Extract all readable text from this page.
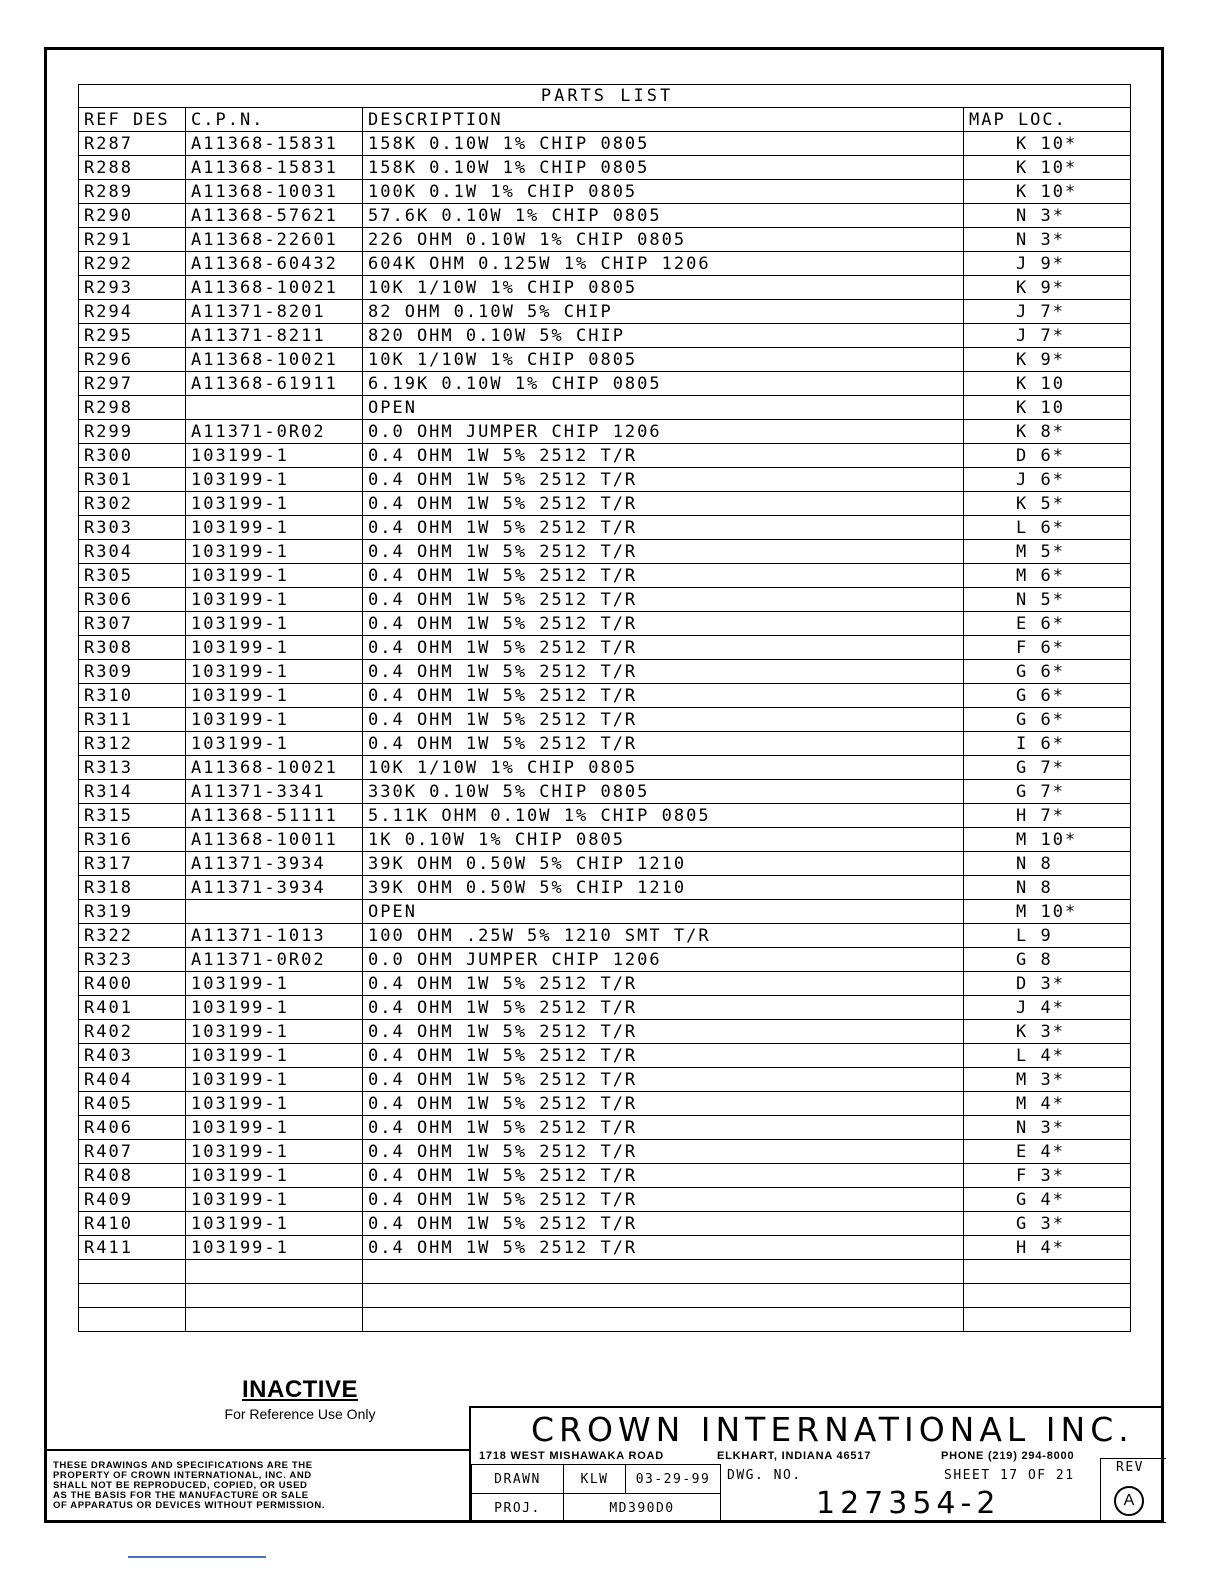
PARTS LIST			
REF DES	C.P.N.	DESCRIPTION	MAP LOC.
R287	A11368-15831	158K 0.10W 1% CHIP 0805	K 10*
R288	A11368-15831	158K 0.10W 1% CHIP 0805	K 10*
R289	A11368-10031	100K 0.1W 1% CHIP 0805	K 10*
R290	A11368-57621	57.6K 0.10W 1% CHIP 0805	N 3*
R291	A11368-22601	226 OHM 0.10W 1% CHIP 0805	N 3*
R292	A11368-60432	604K OHM 0.125W 1% CHIP 1206	J 9*
R293	A11368-10021	10K 1/10W 1% CHIP 0805	K 9*
R294	A11371-8201	82 OHM 0.10W 5% CHIP	J 7*
R295	A11371-8211	820 OHM 0.10W 5% CHIP	J 7*
R296	A11368-10021	10K 1/10W 1% CHIP 0805	K 9*
R297	A11368-61911	6.19K 0.10W 1% CHIP 0805	K 10
R298		OPEN	K 10
R299	A11371-0R02	0.0 OHM JUMPER CHIP 1206	K 8*
R300	103199-1	0.4 OHM 1W 5% 2512 T/R	D 6*
R301	103199-1	0.4 OHM 1W 5% 2512 T/R	J 6*
R302	103199-1	0.4 OHM 1W 5% 2512 T/R	K 5*
R303	103199-1	0.4 OHM 1W 5% 2512 T/R	L 6*
R304	103199-1	0.4 OHM 1W 5% 2512 T/R	M 5*
R305	103199-1	0.4 OHM 1W 5% 2512 T/R	M 6*
R306	103199-1	0.4 OHM 1W 5% 2512 T/R	N 5*
R307	103199-1	0.4 OHM 1W 5% 2512 T/R	E 6*
R308	103199-1	0.4 OHM 1W 5% 2512 T/R	F 6*
R309	103199-1	0.4 OHM 1W 5% 2512 T/R	G 6*
R310	103199-1	0.4 OHM 1W 5% 2512 T/R	G 6*
R311	103199-1	0.4 OHM 1W 5% 2512 T/R	G 6*
R312	103199-1	0.4 OHM 1W 5% 2512 T/R	I 6*
R313	A11368-10021	10K 1/10W 1% CHIP 0805	G 7*
R314	A11371-3341	330K 0.10W 5% CHIP 0805	G 7*
R315	A11368-51111	5.11K OHM 0.10W 1% CHIP 0805	H 7*
R316	A11368-10011	1K 0.10W 1% CHIP 0805	M 10*
R317	A11371-3934	39K OHM 0.50W 5% CHIP 1210	N 8
R318	A11371-3934	39K OHM 0.50W 5% CHIP 1210	N 8
R319		OPEN	M 10*
R322	A11371-1013	100 OHM .25W 5% 1210 SMT T/R	L 9
R323	A11371-0R02	0.0 OHM JUMPER CHIP 1206	G 8
R400	103199-1	0.4 OHM 1W 5% 2512 T/R	D 3*
R401	103199-1	0.4 OHM 1W 5% 2512 T/R	J 4*
R402	103199-1	0.4 OHM 1W 5% 2512 T/R	K 3*
R403	103199-1	0.4 OHM 1W 5% 2512 T/R	L 4*
R404	103199-1	0.4 OHM 1W 5% 2512 T/R	M 3*
R405	103199-1	0.4 OHM 1W 5% 2512 T/R	M 4*
R406	103199-1	0.4 OHM 1W 5% 2512 T/R	N 3*
R407	103199-1	0.4 OHM 1W 5% 2512 T/R	E 4*
R408	103199-1	0.4 OHM 1W 5% 2512 T/R	F 3*
R409	103199-1	0.4 OHM 1W 5% 2512 T/R	G 4*
R410	103199-1	0.4 OHM 1W 5% 2512 T/R	G 3*
R411	103199-1	0.4 OHM 1W 5% 2512 T/R	H 4*

INACTIVE
For Reference Use Only
THESE DRAWINGS AND SPECIFICATIONS ARE THE
PROPERTY OF CROWN INTERNATIONAL, INC. AND
SHALL NOT BE REPRODUCED, COPIED, OR USED
AS THE BASIS FOR THE MANUFACTURE OR SALE
OF APPARATUS OR DEVICES WITHOUT PERMISSION.
CROWN INTERNATIONAL INC.
1718 WEST MISHAWAKA ROAD	ELKHART, INDIANA 46517	PHONE (219) 294-8000
DRAWN	KLW	03-29-99
PROJ.	MD390D0
DWG. NO.	SHEET 17 OF 21
127354-2
REV
A
